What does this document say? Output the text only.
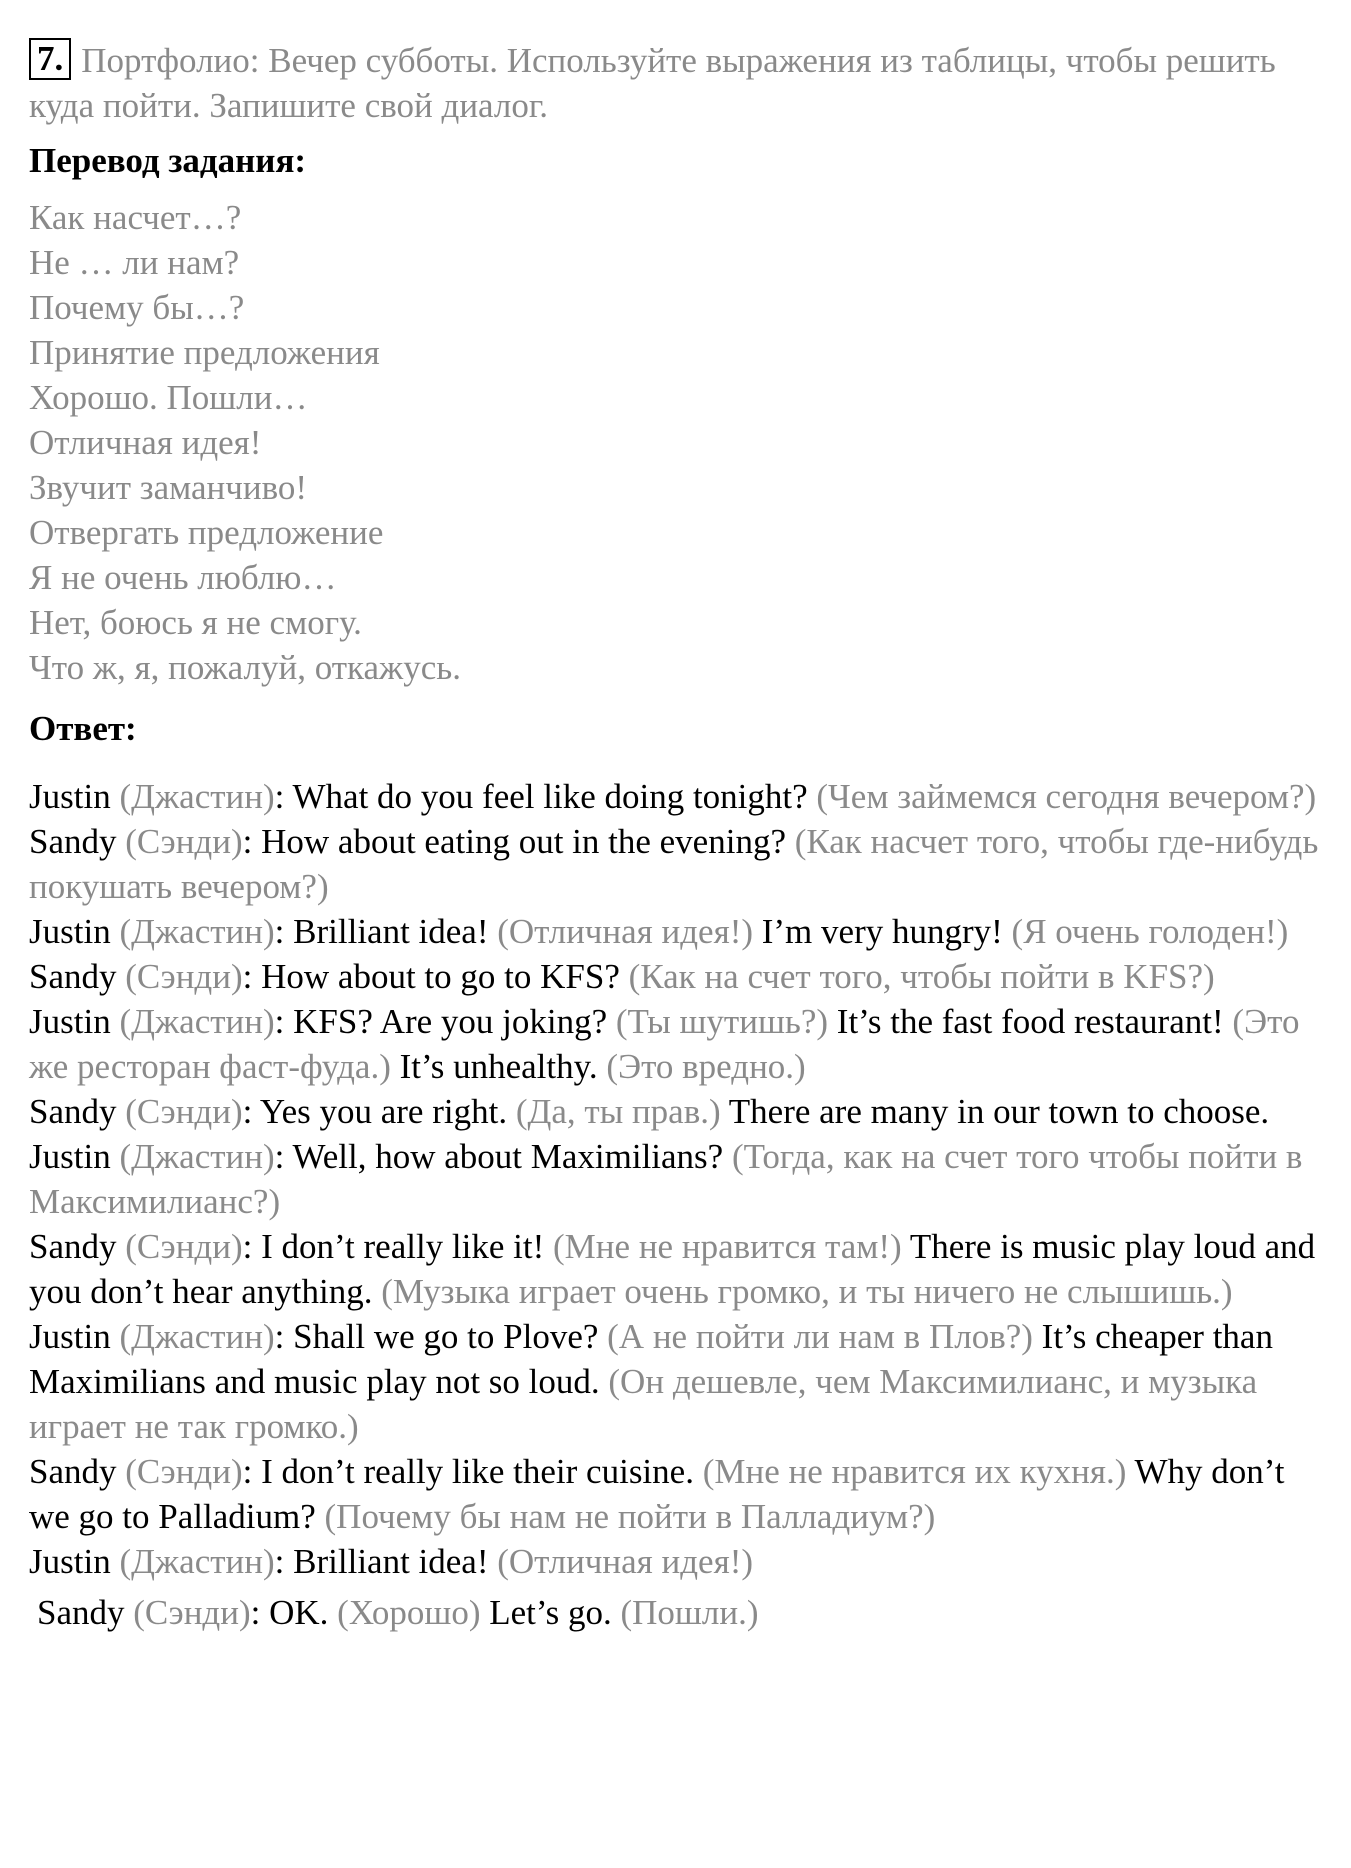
7. Портфолио: Вечер субботы. Используйте выражения из таблицы, чтобы решить куда пойти. Запишите свой диалог.
Перевод задания:
Как насчет…?
Не … ли нам?
Почему бы…?
Принятие предложения
Хорошо. Пошли…
Отличная идея!
Звучит заманчиво!
Отвергать предложение
Я не очень люблю…
Нет, боюсь я не смогу.
Что ж, я, пожалуй, откажусь.
Ответ:
Justin (Джастин): What do you feel like doing tonight? (Чем займемся сегодня вечером?)
Sandy (Сэнди): How about eating out in the evening? (Как насчет того, чтобы где-нибудь покушать вечером?)
Justin (Джастин): Brilliant idea! (Отличная идея!) I’m very hungry! (Я очень голоден!)
Sandy (Сэнди): How about to go to KFS? (Как на счет того, чтобы пойти в KFS?)
Justin (Джастин): KFS? Are you joking? (Ты шутишь?) It’s the fast food restaurant! (Это же ресторан фаст-фуда.) It’s unhealthy. (Это вредно.)
Sandy (Сэнди): Yes you are right. (Да, ты прав.) There are many in our town to choose.
Justin (Джастин): Well, how about Maximilians? (Тогда, как на счет того чтобы пойти в Максимилианс?)
Sandy (Сэнди): I don’t really like it! (Мне не нравится там!) There is music play loud and you don’t hear anything. (Музыка играет очень громко, и ты ничего не слышишь.)
Justin (Джастин): Shall we go to Plove? (А не пойти ли нам в Плов?) It’s cheaper than Maximilians and music play not so loud. (Он дешевле, чем Максимилианс, и музыка играет не так громко.)
Sandy (Сэнди): I don’t really like their cuisine. (Мне не нравится их кухня.) Why don’t we go to Palladium? (Почему бы нам не пойти в Палладиум?)
Justin (Джастин): Brilliant idea! (Отличная идея!)
Sandy (Сэнди): OK. (Хорошо) Let’s go. (Пошли.)
